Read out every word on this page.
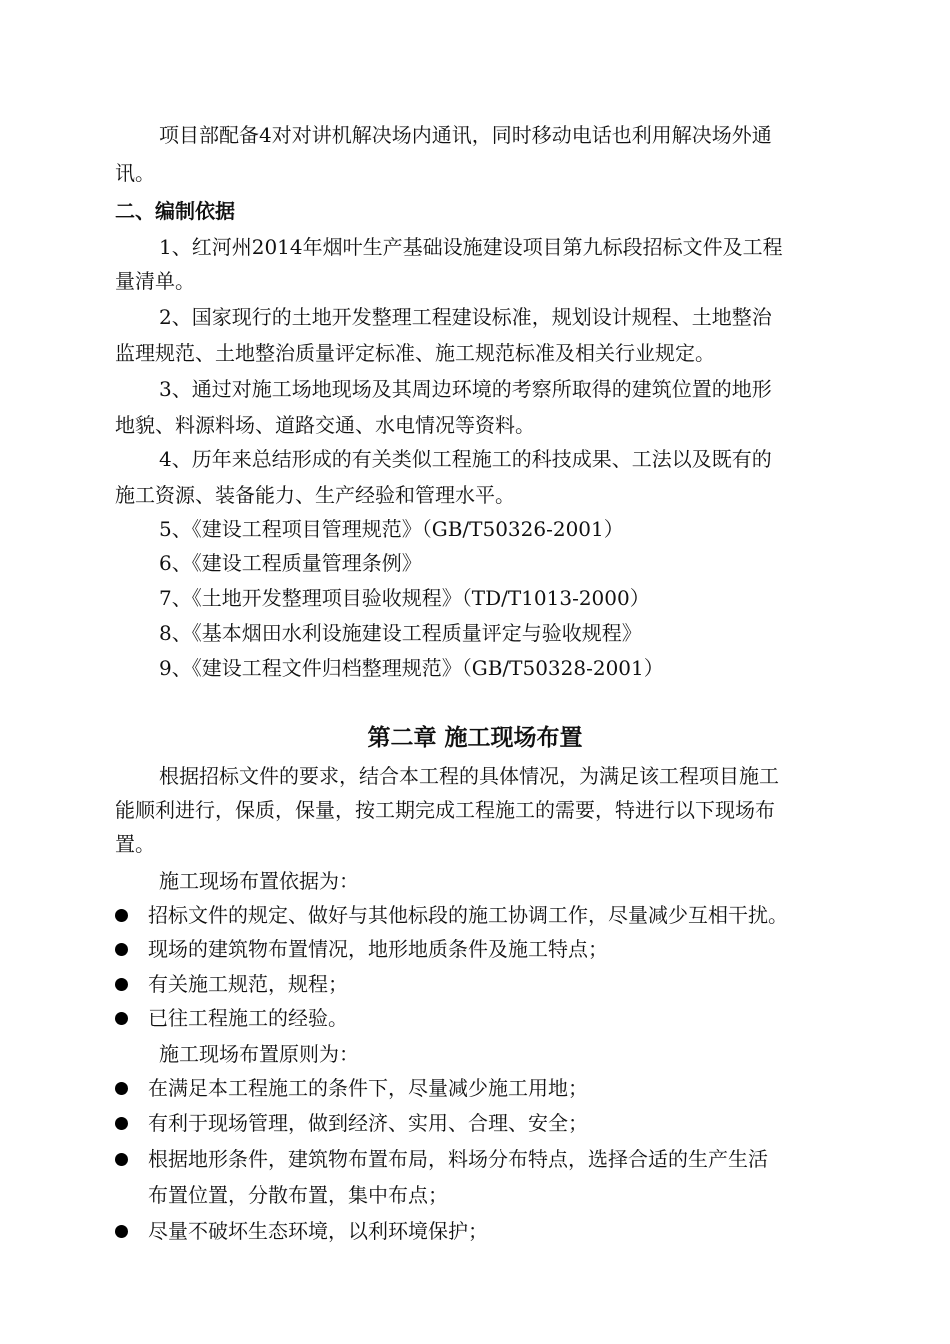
项目部配备4对对讲机解决场内通讯，同时移动电话也利用解决场外通
讯。
二、编制依据
1、红河州2014年烟叶生产基础设施建设项目第九标段招标文件及工程
量清单。
2、国家现行的土地开发整理工程建设标准，规划设计规程、土地整治
监理规范、土地整治质量评定标准、施工规范标准及相关行业规定。
3、通过对施工场地现场及其周边环境的考察所取得的建筑位置的地形
地貌、料源料场、道路交通、水电情况等资料。
4、历年来总结形成的有关类似工程施工的科技成果、工法以及既有的
施工资源、装备能力、生产经验和管理水平。
5、《建设工程项目管理规范》（GB/T50326-2001）
6、《建设工程质量管理条例》
7、《土地开发整理项目验收规程》（TD/T1013-2000）
8、《基本烟田水利设施建设工程质量评定与验收规程》
9、《建设工程文件归档整理规范》（GB/T50328-2001）
第二章 施工现场布置
根据招标文件的要求，结合本工程的具体情况，为满足该工程项目施工
能顺利进行，保质，保量，按工期完成工程施工的需要，特进行以下现场布
置。
施工现场布置依据为：
招标文件的规定、做好与其他标段的施工协调工作，尽量减少互相干扰。
现场的建筑物布置情况，地形地质条件及施工特点；
有关施工规范，规程；
已往工程施工的经验。
施工现场布置原则为：
在满足本工程施工的条件下，尽量减少施工用地；
有利于现场管理，做到经济、实用、合理、安全；
根据地形条件，建筑物布置布局，料场分布特点，选择合适的生产生活
布置位置，分散布置，集中布点；
尽量不破坏生态环境，以利环境保护；
